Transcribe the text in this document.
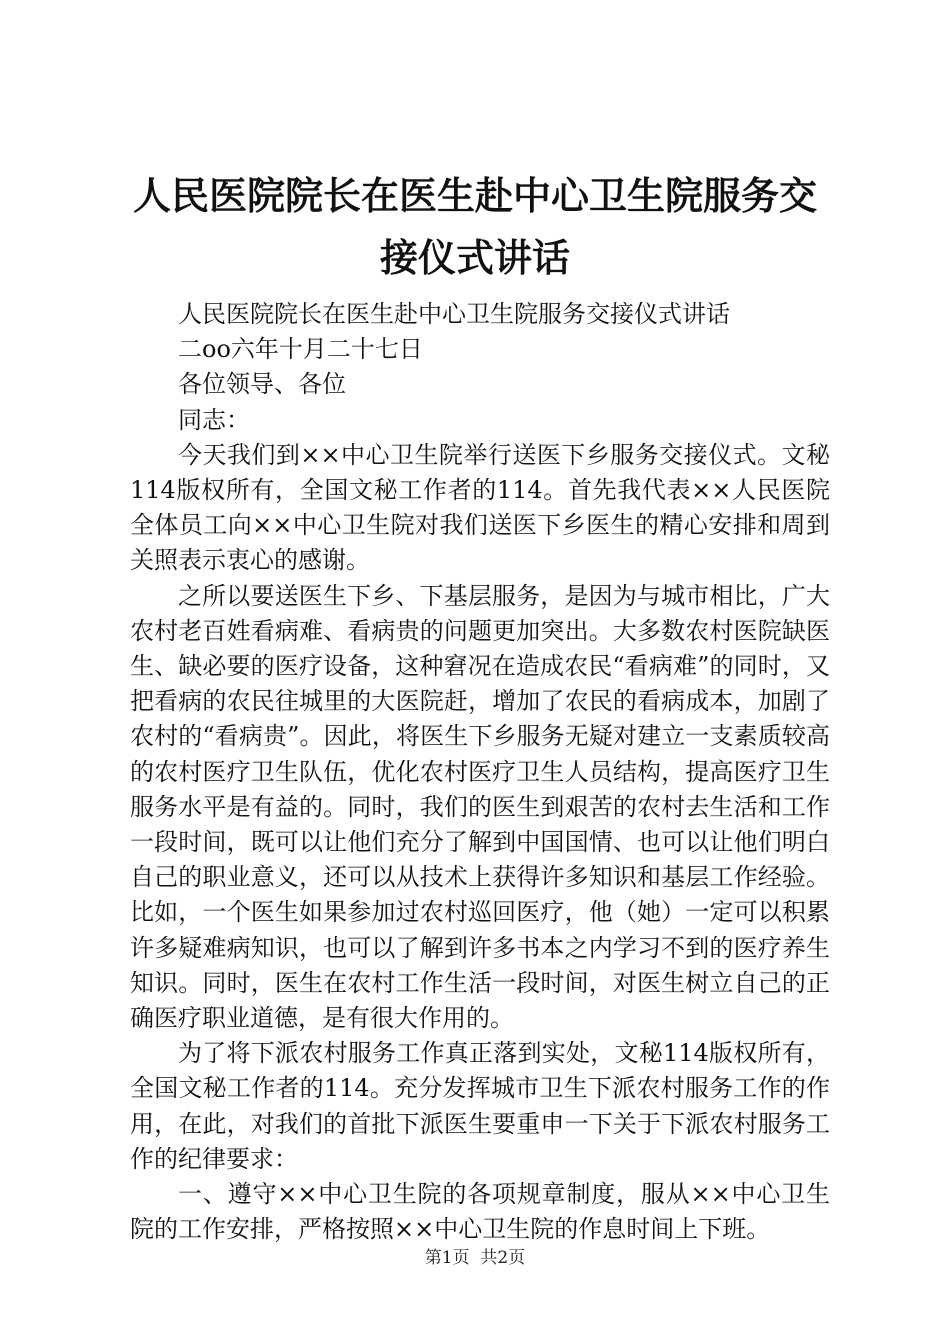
人民医院院长在医生赴中心卫生院服务交接仪式讲话

人民医院院长在医生赴中心卫生院服务交接仪式讲话

二oo六年十月二十七日

各位领导、各位

同志：

今天我们到××中心卫生院举行送医下乡服务交接仪式。文秘114版权所有，全国文秘工作者的114。首先我代表××人民医院全体员工向××中心卫生院对我们送医下乡医生的精心安排和周到关照表示衷心的感谢。

之所以要送医生下乡、下基层服务，是因为与城市相比，广大农村老百姓看病难、看病贵的问题更加突出。大多数农村医院缺医生、缺必要的医疗设备，这种窘况在造成农民“看病难”的同时，又把看病的农民往城里的大医院赶，增加了农民的看病成本，加剧了农村的“看病贵”。因此，将医生下乡服务无疑对建立一支素质较高的农村医疗卫生队伍，优化农村医疗卫生人员结构，提高医疗卫生服务水平是有益的。同时，我们的医生到艰苦的农村去生活和工作一段时间，既可以让他们充分了解到中国国情、也可以让他们明白自己的职业意义，还可以从技术上获得许多知识和基层工作经验。比如，一个医生如果参加过农村巡回医疗，他（她）一定可以积累许多疑难病知识，也可以了解到许多书本之内学习不到的医疗养生知识。同时，医生在农村工作生活一段时间，对医生树立自己的正确医疗职业道德，是有很大作用的。

为了将下派农村服务工作真正落到实处，文秘114版权所有，全国文秘工作者的114。充分发挥城市卫生下派农村服务工作的作用，在此，对我们的首批下派医生要重申一下关于下派农村服务工作的纪律要求：

一、遵守××中心卫生院的各项规章制度，服从××中心卫生院的工作安排，严格按照××中心卫生院的作息时间上下班。

第1页 共2页
